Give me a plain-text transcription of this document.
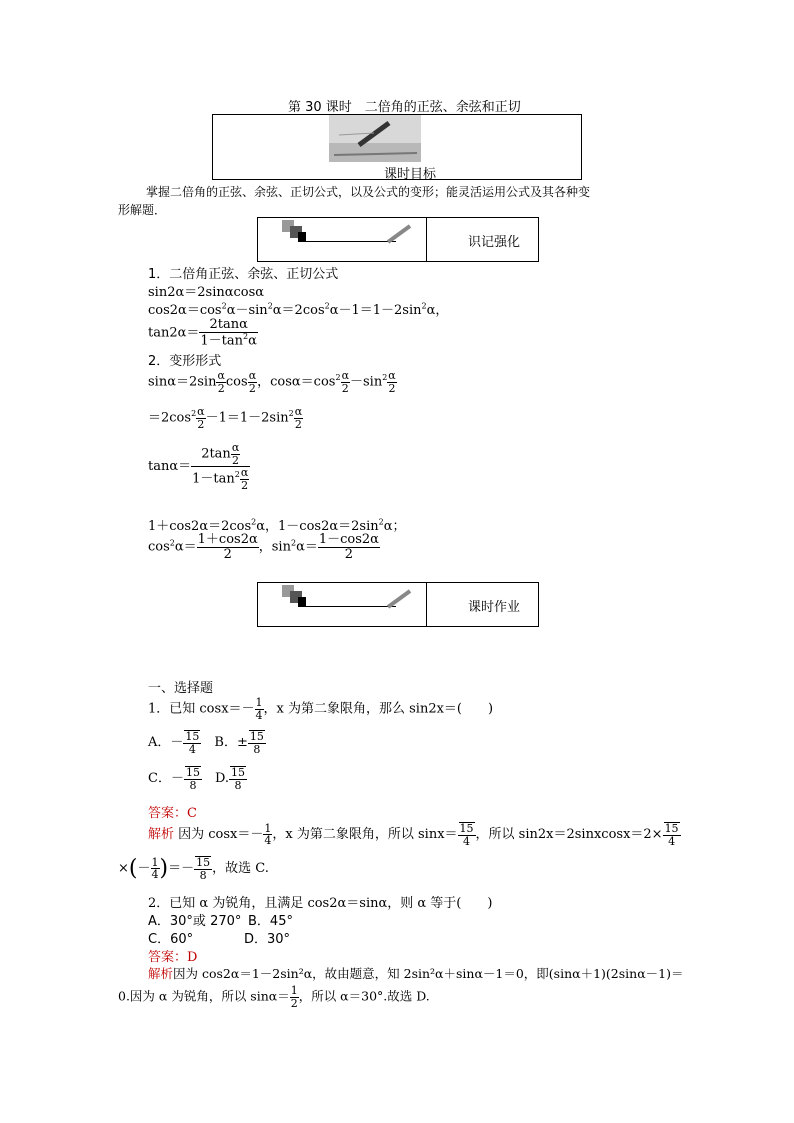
第 30 课时　二倍角的正弦、余弦和正切
课时目标
掌握二倍角的正弦、余弦、正切公式，以及公式的变形；能灵活运用公式及其各种变
形解题．
识记强化
1．二倍角正弦、余弦、正切公式
sin2α＝2sinαcosα
$\cos 2\alpha=\cos^2\alpha-\sin^2\alpha=2\cos^2\alpha-1=1-2\sin^2\alpha$，
$\tan 2\alpha= \frac{2\tan\alpha}{1-\tan^2\alpha}$
2．变形形式
$\sin\alpha=2\sin \frac{\alpha}{2}$ $\cos \frac{\alpha}{2}$ ，$\cos\alpha=\cos^2 \frac{\alpha}{2} -\sin^2 \frac{\alpha}{2}$
$=2\cos^2 \frac{\alpha}{2} -1=1-2\sin^2 \frac{\alpha}{2}$
$\tan\alpha= \frac{2\tan \frac{\alpha}{2}}{1-\tan^2 \frac{\alpha}{2}}$
$1+\cos 2\alpha=2\cos^2\alpha$，$1-\cos 2\alpha=2\sin^2\alpha$；
$\cos^2\alpha= \frac{1+\cos 2\alpha}{2}$ ，$\sin^2\alpha= \frac{1-\cos 2\alpha}{2}$
课时作业
一、选择题
1．已知 $\cos x=- \frac{1}{4}$ ，x 为第二象限角，那么 sin2x＝(　　)
A．－ $\frac{15}{4}$ 　B．± $\frac{15}{8}$
C．－ $\frac{15}{8}$ 　D. $\frac{15}{8}$
答案：C
解析 因为 $\cos x=- \frac{1}{4}$ ，x 为第二象限角，所以 $\sin x= \frac{15}{4}$ ，所以 sin2x＝2sinxcosx＝2× $\frac{15}{4}$
×(－ $\frac{1}{4}$ )＝－ $\frac{15}{8}$ ，故选 C.
2．已知 α 为锐角，且满足 cos2α＝sinα，则 α 等于(　　)
A．30°或 270° B．45°
C．60°	D．30°
答案：D
解析因为 cos2α＝1－2sin²α，故由题意，知 2sin²α＋sinα－1＝0，即(sinα＋1)(2sinα－1)＝
0.因为 α 为锐角，所以 $\sin\alpha= \frac{1}{2}$ ，所以 α＝30°.故选 D.
